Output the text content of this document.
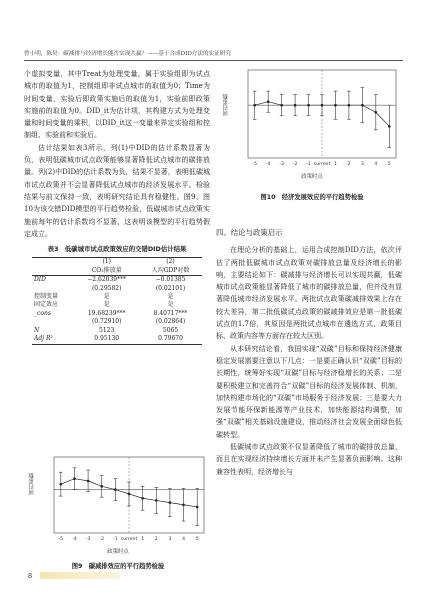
曾小明，陈昊：碳减排与经济增长能否实现共赢？——基于合成DID方法的实证研究

个虚拟变量，其中Treat为处理变量，属于实验组即为试点城市的取值为1，控制组即非试点城市的取值为0；Time为时间变量，实验后即政策实施后的取值为1，实验前即政策实施前的取值为0。DID_it为估计项，其构建方式为处理变量和时间变量的乘积，以DID_it这一变量来界定实验组和控制组、实验前和实验后。

估计结果如表3所示，列(1)中DID的估计系数显著为负，表明低碳城市试点政策能够显著降低试点城市的碳排放量。列(2)中DID的估计系数为负，结果不显著，表明低碳城市试点政策并不会显著降低试点城市的经济发展水平。检验结果与前文保持一致，表明研究结论具有稳健性。图9、图10为该交错DID模型的平行趋势检验，低碳城市试点政策实施前每年的估计系数均不显著，这表明该模型的平行趋势假定成立。

表3　低碳城市试点政策效应的交错DID估计结果
	(1)	(2)
	CO₂排放量	人均GDP对数
DID	−2.62039***	−0.01385
	(0.29582)	(0.02101)
控制变量	是	是
固定效应	是	是
_cons	19.68239***	8.40717***
	(0.72910)	(0.02864)
N	5123	5065
Adj R²	0.95130	0.79670
回归系数
-5 -4 -3 -2 -1 current 1 2 3 4 5
政策时点
图9　碳减排效应的平行趋势检验
回归系数
-5 -4 -3 -2 -1 current 1 2 3 4 5
政策时点
图10　经济发展效应的平行趋势检验
四、结论与政策启示

在理论分析的基础上，运用合成控制DID方法，依次评估了两批低碳城市试点政策对碳排放总量及经济增长的影响，主要结论如下：碳减排与经济增长可以实现共赢，低碳城市试点政策能显著降低了城市的碳排放总量，但并没有显著降低城市经济发展水平。两批试点政策碳减排效果上存在较大差异，第二批低碳试点政策的碳减排效应是第一批低碳试点的1.7倍，其原因是两批试点城市在遴选方式、政策目标、政策内容等方面存在较大区别。

从本研究结论看，我国实现“双碳”目标和保持经济健康稳定发展需要注意以下几点：一是要正确认识“双碳”目标的长期性，统筹好实现“双碳”目标与经济稳增长的关系；二是要积极建立和完善符合“双碳”目标的经济发展体制、机制，加快构建市场化的“双碳”市场服务于经济发展；三是要大力发展节能环保新能源等产业技术，加快能源结构调整，加强“双碳”相关基础设施建设，推动经济社会发展全面绿色低碳转型。

低碳城市试点政策不仅显著降低了城市的碳排放总量，而且在实现经济持续增长方面并未产生显著负面影响。这种兼容性表明，经济增长与

8
